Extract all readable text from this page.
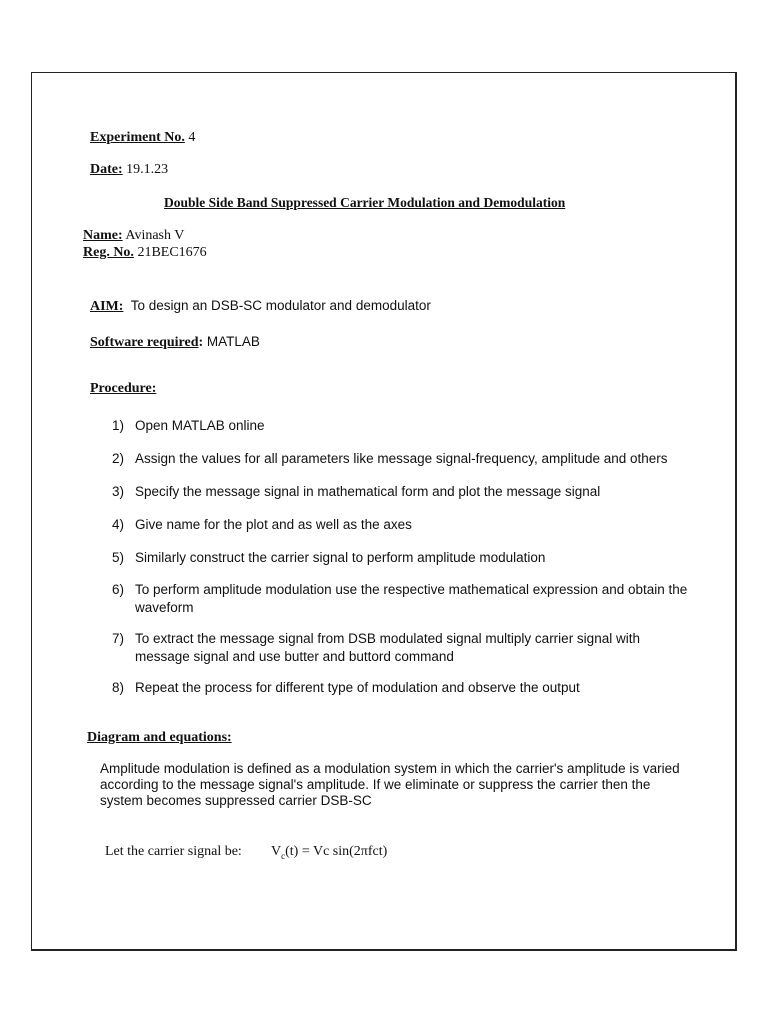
Experiment No. 4
Date: 19.1.23
Double Side Band Suppressed Carrier Modulation and Demodulation
Name: Avinash V
Reg. No. 21BEC1676
AIM:  To design an DSB-SC modulator and demodulator
Software required: MATLAB
Procedure:
1) Open MATLAB online
2) Assign the values for all parameters like message signal-frequency, amplitude and others
3) Specify the message signal in mathematical form and plot the message signal
4) Give name for the plot and as well as the axes
5) Similarly construct the carrier signal to perform amplitude modulation
6) To perform amplitude modulation use the respective mathematical expression and obtain the waveform
7) To extract the message signal from DSB modulated signal multiply carrier signal with message signal and use butter and buttord command
8) Repeat the process for different type of modulation and observe the output
Diagram and equations:
Amplitude modulation is defined as a modulation system in which the carrier's amplitude is varied according to the message signal's amplitude. If we eliminate or suppress the carrier then the system becomes suppressed carrier DSB-SC
Let the carrier signal be: $V_c(t) = Vc$ sin(2πfct)
